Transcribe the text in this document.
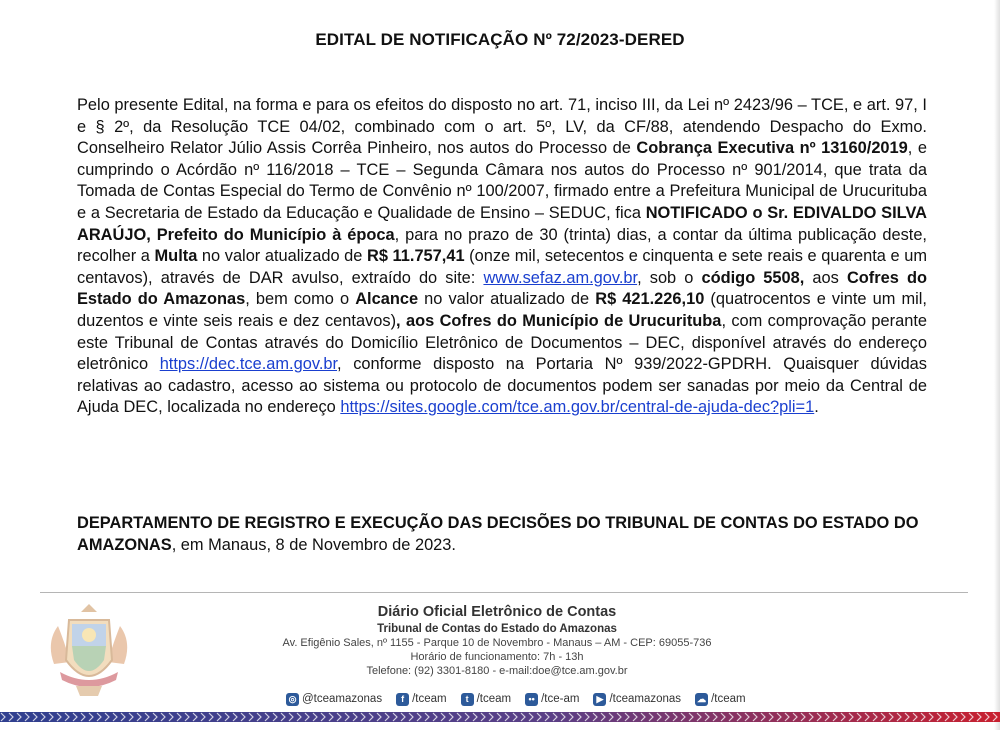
EDITAL DE NOTIFICAÇÃO Nº 72/2023-DERED
Pelo presente Edital, na forma e para os efeitos do disposto no art. 71, inciso III, da Lei nº 2423/96 – TCE, e art. 97, I e § 2º, da Resolução TCE 04/02, combinado com o art. 5º, LV, da CF/88, atendendo Despacho do Exmo. Conselheiro Relator Júlio Assis Corrêa Pinheiro, nos autos do Processo de Cobrança Executiva nº 13160/2019, e cumprindo o Acórdão nº 116/2018 – TCE – Segunda Câmara nos autos do Processo nº 901/2014, que trata da Tomada de Contas Especial do Termo de Convênio nº 100/2007, firmado entre a Prefeitura Municipal de Urucurituba e a Secretaria de Estado da Educação e Qualidade de Ensino – SEDUC, fica NOTIFICADO o Sr. EDIVALDO SILVA ARAÚJO, Prefeito do Município à época, para no prazo de 30 (trinta) dias, a contar da última publicação deste, recolher a Multa no valor atualizado de R$ 11.757,41 (onze mil, setecentos e cinquenta e sete reais e quarenta e um centavos), através de DAR avulso, extraído do site: www.sefaz.am.gov.br, sob o código 5508, aos Cofres do Estado do Amazonas, bem como o Alcance no valor atualizado de R$ 421.226,10 (quatrocentos e vinte um mil, duzentos e vinte seis reais e dez centavos), aos Cofres do Município de Urucurituba, com comprovação perante este Tribunal de Contas através do Domicílio Eletrônico de Documentos – DEC, disponível através do endereço eletrônico https://dec.tce.am.gov.br, conforme disposto na Portaria Nº 939/2022-GPDRH. Quaisquer dúvidas relativas ao cadastro, acesso ao sistema ou protocolo de documentos podem ser sanadas por meio da Central de Ajuda DEC, localizada no endereço https://sites.google.com/tce.am.gov.br/central-de-ajuda-dec?pli=1.
DEPARTAMENTO DE REGISTRO E EXECUÇÃO DAS DECISÕES DO TRIBUNAL DE CONTAS DO ESTADO DO AMAZONAS, em Manaus, 8 de Novembro de 2023.
Diário Oficial Eletrônico de Contas
Tribunal de Contas do Estado do Amazonas
Av. Efigênio Sales, nº 1155 - Parque 10 de Novembro - Manaus – AM - CEP: 69055-736
Horário de funcionamento: 7h - 13h
Telefone: (92) 3301-8180 - e-mail:doe@tce.am.gov.br
◎ @tceamazonas	f /tceam	t /tceam	•• /tce-am	▶ /tceamazonas ☁ /tceam
